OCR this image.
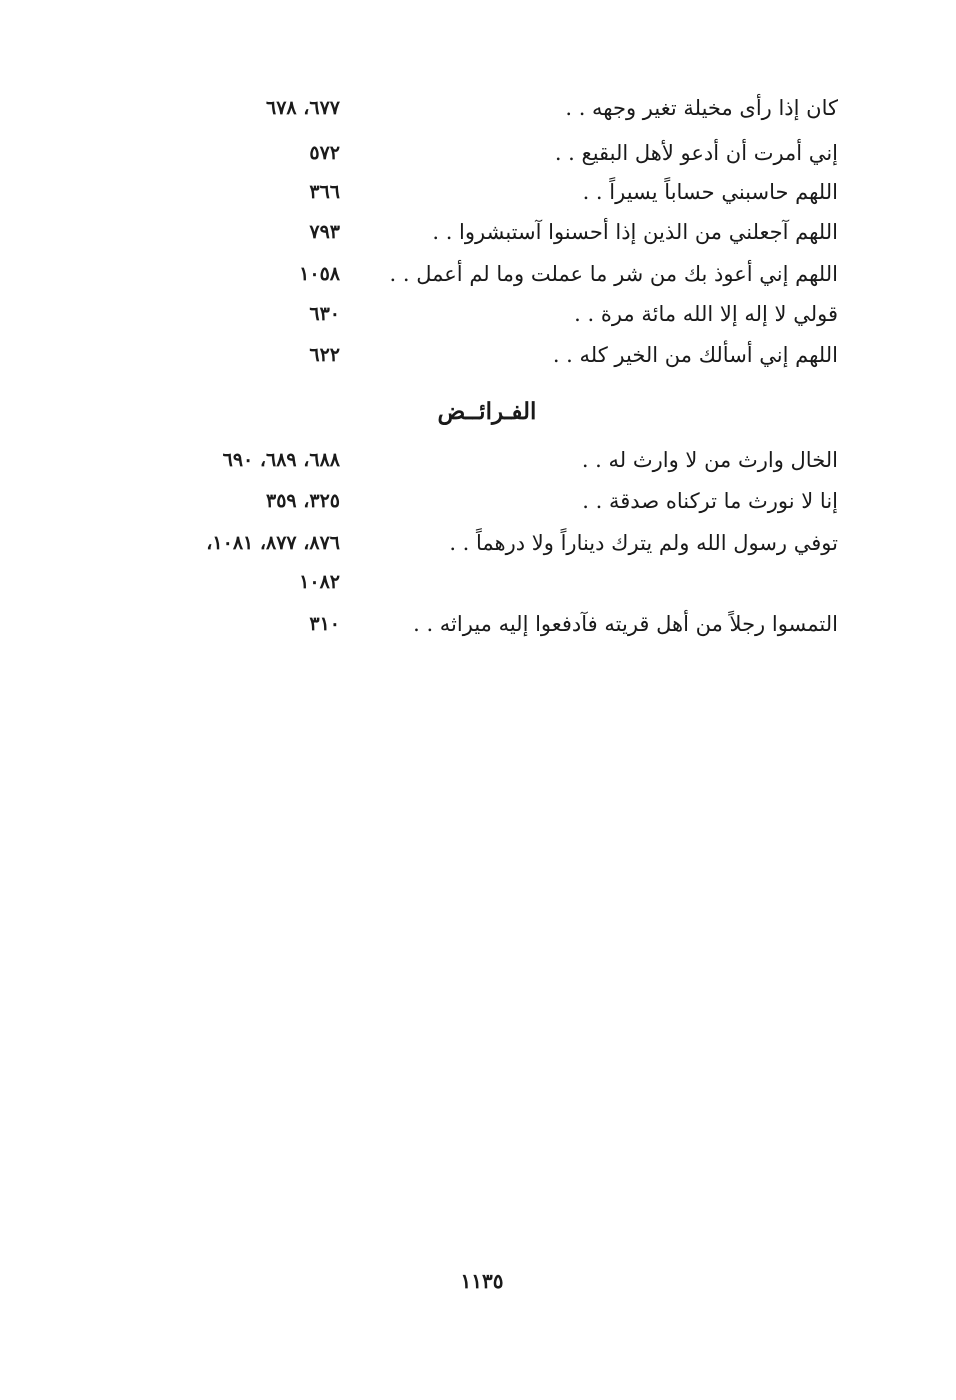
كان إذا رأى مخيلة تغير وجهه . .
٦٧٧، ٦٧٨
إني أمرت أن أدعو لأهل البقيع . .
٥٧٢
اللهم حاسبني حساباً يسيراً . .
٣٦٦
اللهم آجعلني من الذين إذا أحسنوا آستبشروا . .
٧٩٣
اللهم إني أعوذ بك من شر ما عملت وما لم أعمل . .
١٠٥٨
قولي لا إله إلا الله مائة مرة . .
٦٣٠
اللهم إني أسألك من الخير كله . .
٦٢٢
الفـرائــض
الخال وارث من لا وارث له . .
٦٨٨، ٦٨٩، ٦٩٠
إنا لا نورث ما تركناه صدقة . .
٣٢٥، ٣٥٩
توفي رسول الله ولم يترك ديناراً ولا درهماً . .
٨٧٦، ٨٧٧، ١٠٨١،
١٠٨٢
التمسوا رجلاً من أهل قريته فآدفعوا إليه ميراثه . .
٣١٠
١١٣٥
